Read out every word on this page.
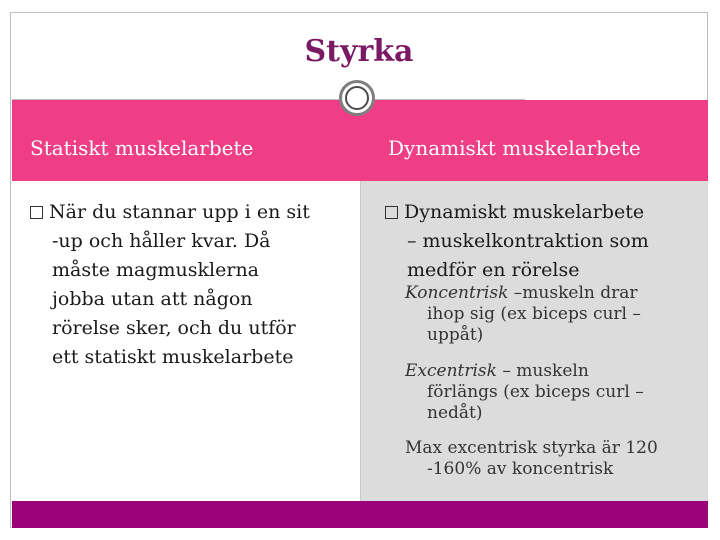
Styrka
Statiskt muskelarbete	Dynamiskt muskelarbete
När du stannar upp i en sit
-up och håller kvar. Då
måste magmusklerna
jobba utan att någon
rörelse sker, och du utför
ett statiskt muskelarbete
Dynamiskt muskelarbete
– muskelkontraktion som
medför en rörelse
Koncentrisk –muskeln drar
ihop sig (ex biceps curl –
uppåt)
Excentrisk – muskeln
förlängs (ex biceps curl –
nedåt)
Max excentrisk styrka är 120
-160% av koncentrisk
